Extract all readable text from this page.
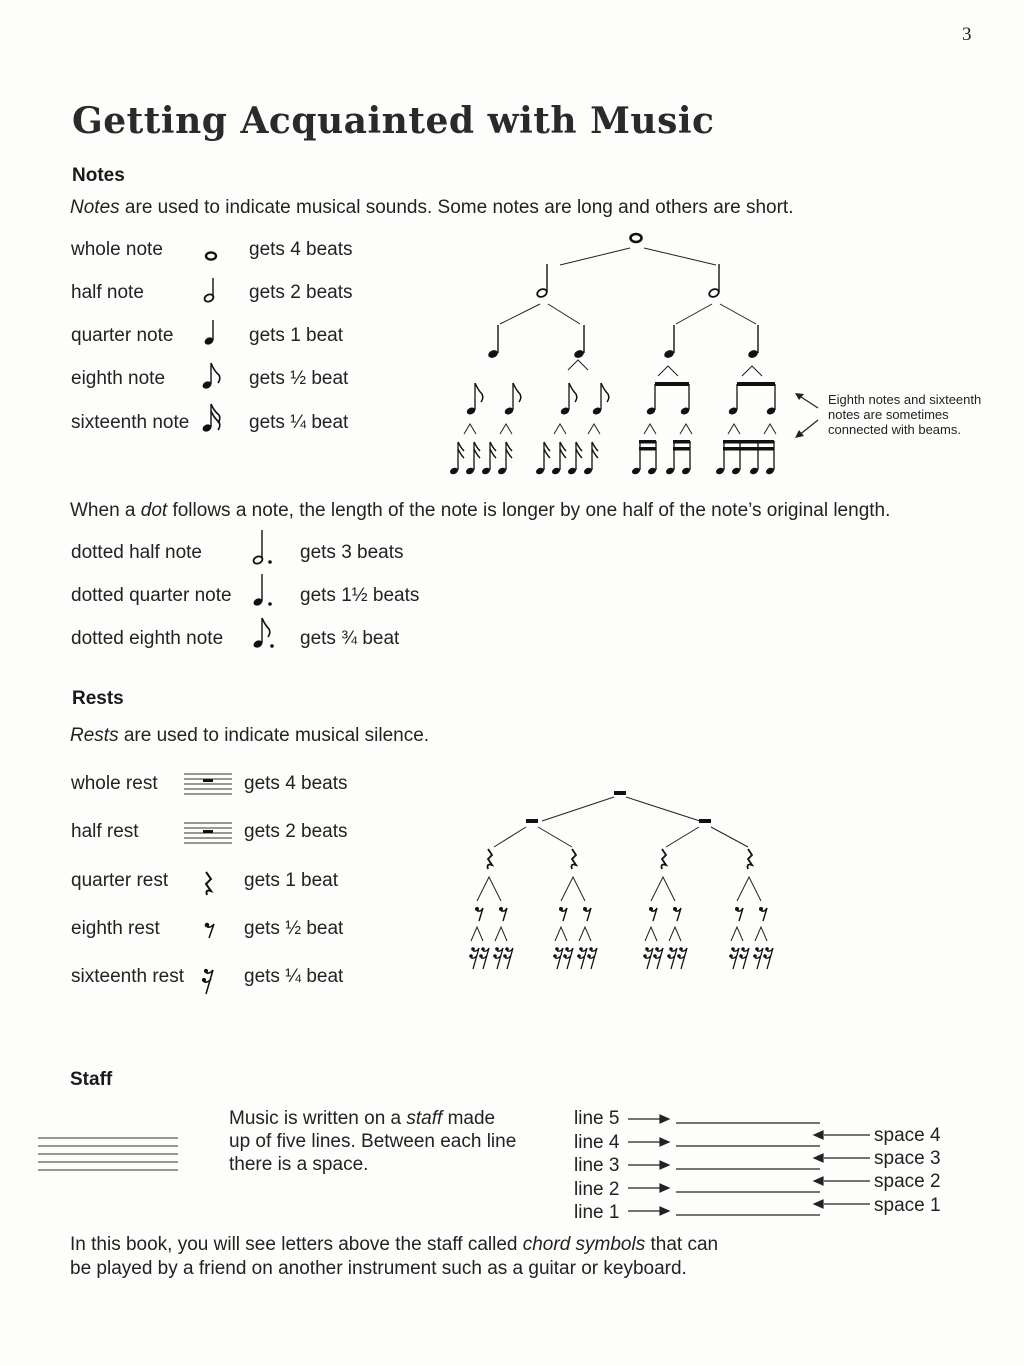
3
Getting Acquainted with Music
Notes
Notes are used to indicate musical sounds. Some notes are long and others are short.
whole note
half note
quarter note
eighth note
sixteenth note
gets 4 beats
gets 2 beats
gets 1 beat
gets ½ beat
gets ¼ beat
Eighth notes and sixteenth notes are sometimes connected with beams.
When a dot follows a note, the length of the note is longer by one half of the note’s original length.
dotted half note
dotted quarter note
dotted eighth note
gets 3 beats
gets 1½ beats
gets ¾ beat
Rests
Rests are used to indicate musical silence.
whole rest
half rest
quarter rest
eighth rest
sixteenth rest
gets 4 beats
gets 2 beats
gets 1 beat
gets ½ beat
gets ¼ beat
Staff
Music is written on a staff made
up of five lines. Between each line
there is a space.
line 5
line 4
line 3
line 2
line 1
space 4
space 3
space 2
space 1
In this book, you will see letters above the staff called chord symbols that can
be played by a friend on another instrument such as a guitar or keyboard.
